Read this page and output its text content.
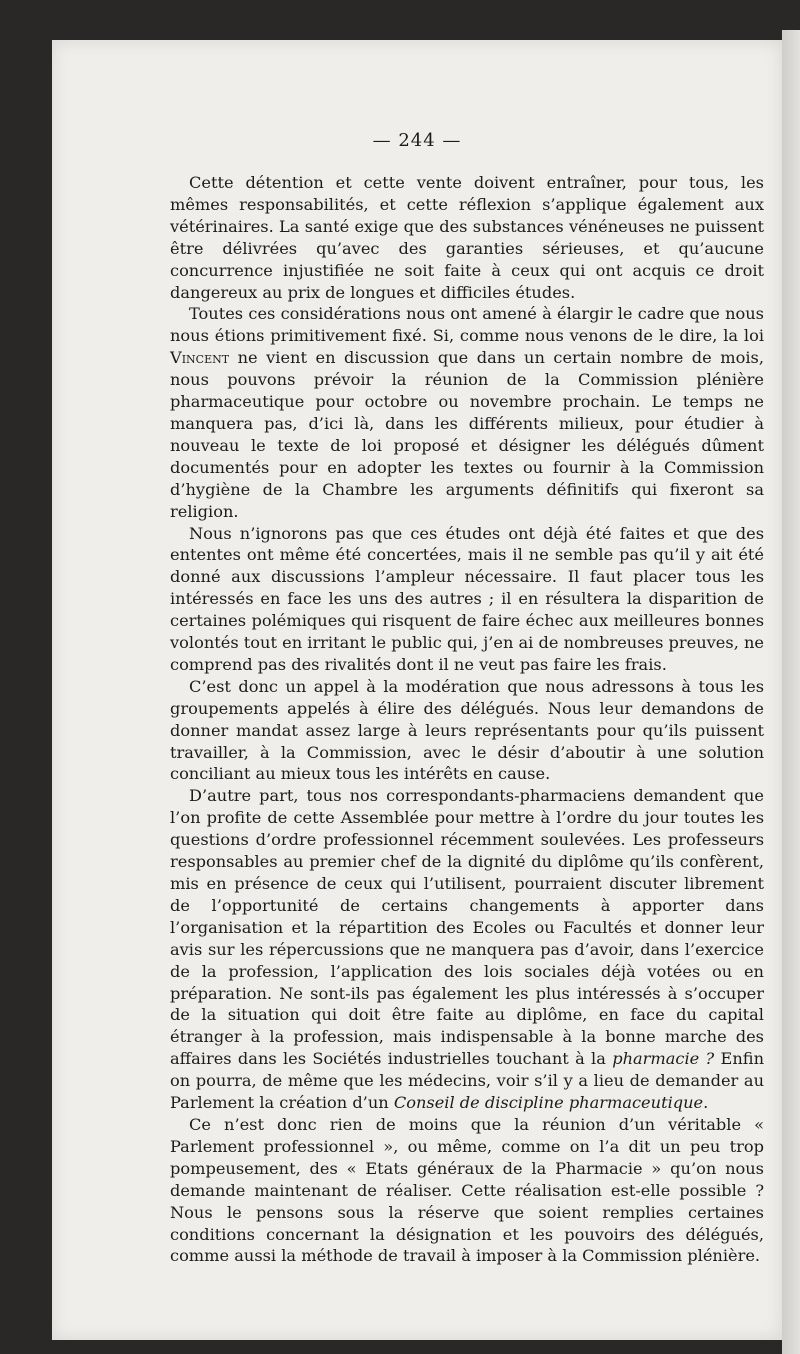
— 244 —

Cette détention et cette vente doivent entraîner, pour tous, les mêmes responsabilités, et cette réflexion s’applique également aux vétérinaires. La santé exige que des substances vénéneuses ne puissent être délivrées qu’avec des garanties sérieuses, et qu’aucune concurrence injustifiée ne soit faite à ceux qui ont acquis ce droit dangereux au prix de longues et difficiles études.

Toutes ces considérations nous ont amené à élargir le cadre que nous nous étions primitivement fixé. Si, comme nous venons de le dire, la loi Vincent ne vient en discussion que dans un certain nombre de mois, nous pouvons prévoir la réunion de la Commission plénière pharmaceutique pour octobre ou novembre prochain. Le temps ne manquera pas, d’ici là, dans les différents milieux, pour étudier à nouveau le texte de loi proposé et désigner les délégués dûment documentés pour en adopter les textes ou fournir à la Commission d’hygiène de la Chambre les arguments définitifs qui fixeront sa religion.

Nous n’ignorons pas que ces études ont déjà été faites et que des ententes ont même été concertées, mais il ne semble pas qu’il y ait été donné aux discussions l’ampleur nécessaire. Il faut placer tous les intéressés en face les uns des autres ; il en résultera la disparition de certaines polémiques qui risquent de faire échec aux meilleures bonnes volontés tout en irritant le public qui, j’en ai de nombreuses preuves, ne comprend pas des rivalités dont il ne veut pas faire les frais.

C’est donc un appel à la modération que nous adressons à tous les groupements appelés à élire des délégués. Nous leur demandons de donner mandat assez large à leurs représentants pour qu’ils puissent travailler, à la Commission, avec le désir d’aboutir à une solution conciliant au mieux tous les intérêts en cause.

D’autre part, tous nos correspondants-pharmaciens demandent que l’on profite de cette Assemblée pour mettre à l’ordre du jour toutes les questions d’ordre professionnel récemment soulevées. Les professeurs responsables au premier chef de la dignité du diplôme qu’ils confèrent, mis en présence de ceux qui l’utilisent, pourraient discuter librement de l’opportunité de certains changements à apporter dans l’organisation et la répartition des Ecoles ou Facultés et donner leur avis sur les répercussions que ne manquera pas d’avoir, dans l’exercice de la profession, l’application des lois sociales déjà votées ou en préparation. Ne sont-ils pas également les plus intéressés à s’occuper de la situation qui doit être faite au diplôme, en face du capital étranger à la profession, mais indispensable à la bonne marche des affaires dans les Sociétés industrielles touchant à la pharmacie ? Enfin on pourra, de même que les médecins, voir s’il y a lieu de demander au Parlement la création d’un Conseil de discipline pharmaceutique.

Ce n’est donc rien de moins que la réunion d’un véritable « Parlement professionnel », ou même, comme on l’a dit un peu trop pompeusement, des « Etats généraux de la Pharmacie » qu’on nous demande maintenant de réaliser. Cette réalisation est-elle possible ? Nous le pensons sous la réserve que soient remplies certaines conditions concernant la désignation et les pouvoirs des délégués, comme aussi la méthode de travail à imposer à la Commission plénière.
